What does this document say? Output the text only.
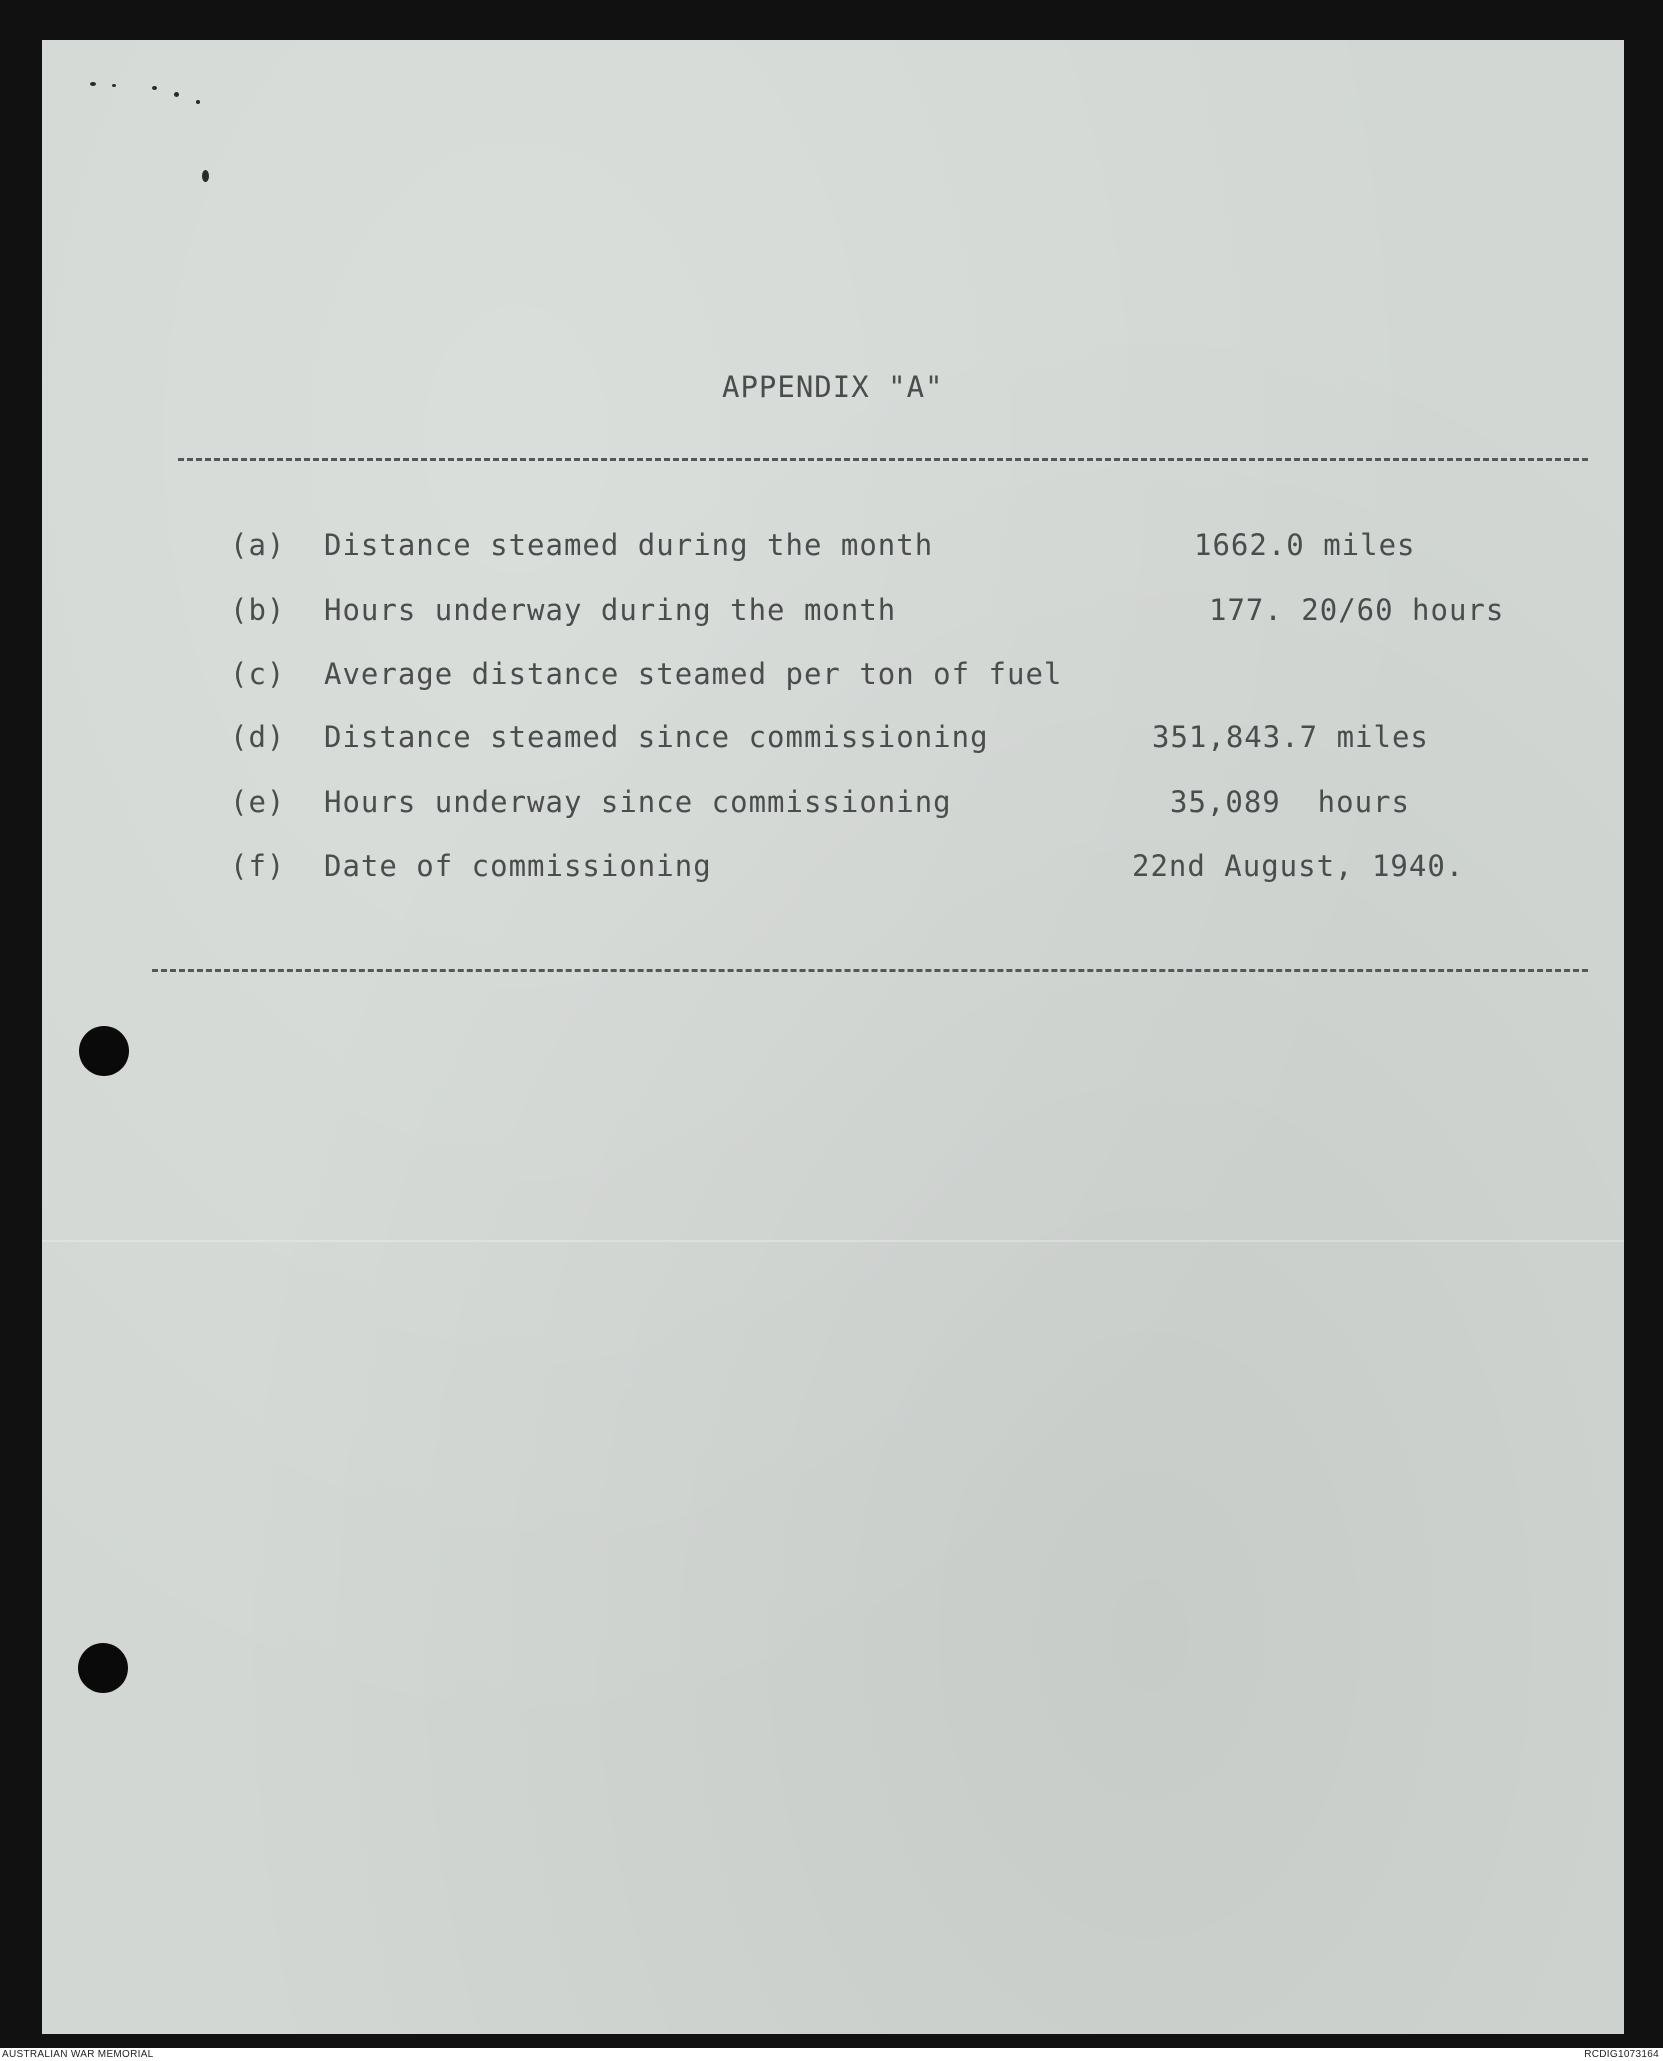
APPENDIX "A"
(a) Distance steamed during the month	1662.0 miles
(b) Hours underway during the month	177. 20/60 hours
(c) Average distance steamed per ton of fuel
(d) Distance steamed since commissioning	351,843.7 miles
(e) Hours underway since commissioning	35,089  hours
(f) Date of commissioning	22nd August, 1940.
AUSTRALIAN WAR MEMORIAL	RCDIG1073164
